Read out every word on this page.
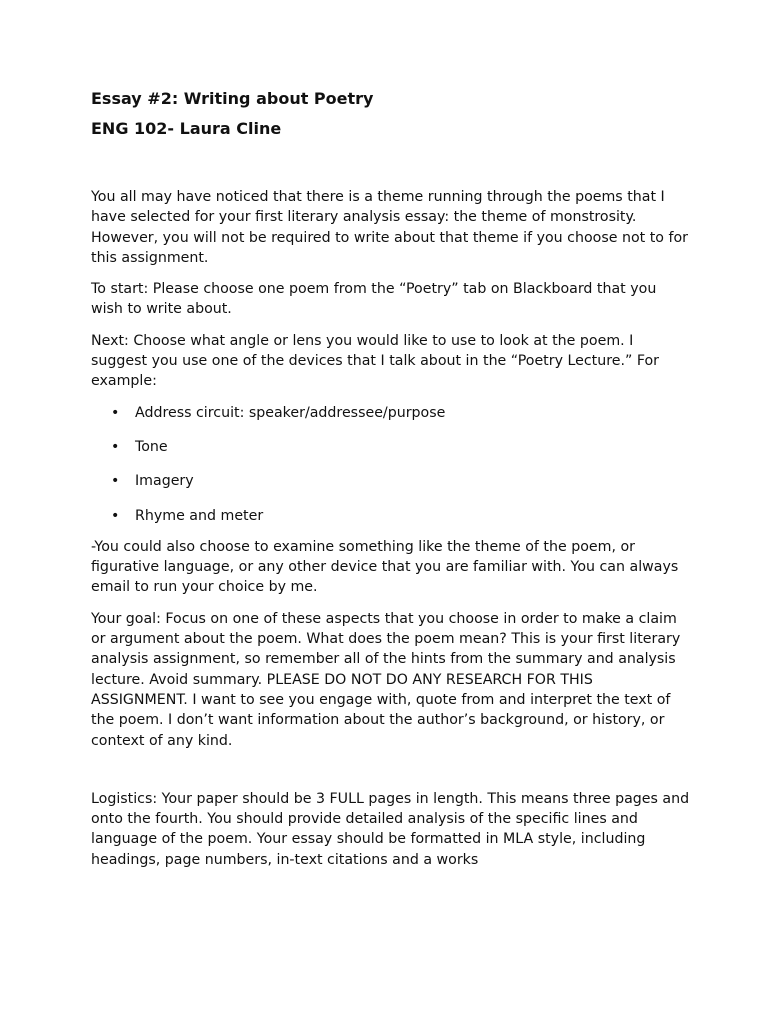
Essay #2: Writing about Poetry
ENG 102- Laura Cline

You all may have noticed that there is a theme running through the poems that I have selected for your first literary analysis essay: the theme of monstrosity. However, you will not be required to write about that theme if you choose not to for this assignment.

To start: Please choose one poem from the “Poetry” tab on Blackboard that you wish to write about.

Next: Choose what angle or lens you would like to use to look at the poem. I suggest you use one of the devices that I talk about in the “Poetry Lecture.” For example:

•	Address circuit: speaker/addressee/purpose
•	Tone
•	Imagery
•	Rhyme and meter

-You could also choose to examine something like the theme of the poem, or figurative language, or any other device that you are familiar with. You can always email to run your choice by me.

Your goal: Focus on one of these aspects that you choose in order to make a claim or argument about the poem. What does the poem mean? This is your first literary analysis assignment, so remember all of the hints from the summary and analysis lecture. Avoid summary. PLEASE DO NOT DO ANY RESEARCH FOR THIS ASSIGNMENT. I want to see you engage with, quote from and interpret the text of the poem. I don’t want information about the author’s background, or history, or context of any kind.

Logistics: Your paper should be 3 FULL pages in length. This means three pages and onto the fourth. You should provide detailed analysis of the specific lines and language of the poem. Your essay should be formatted in MLA style, including headings, page numbers, in-text citations and a works
